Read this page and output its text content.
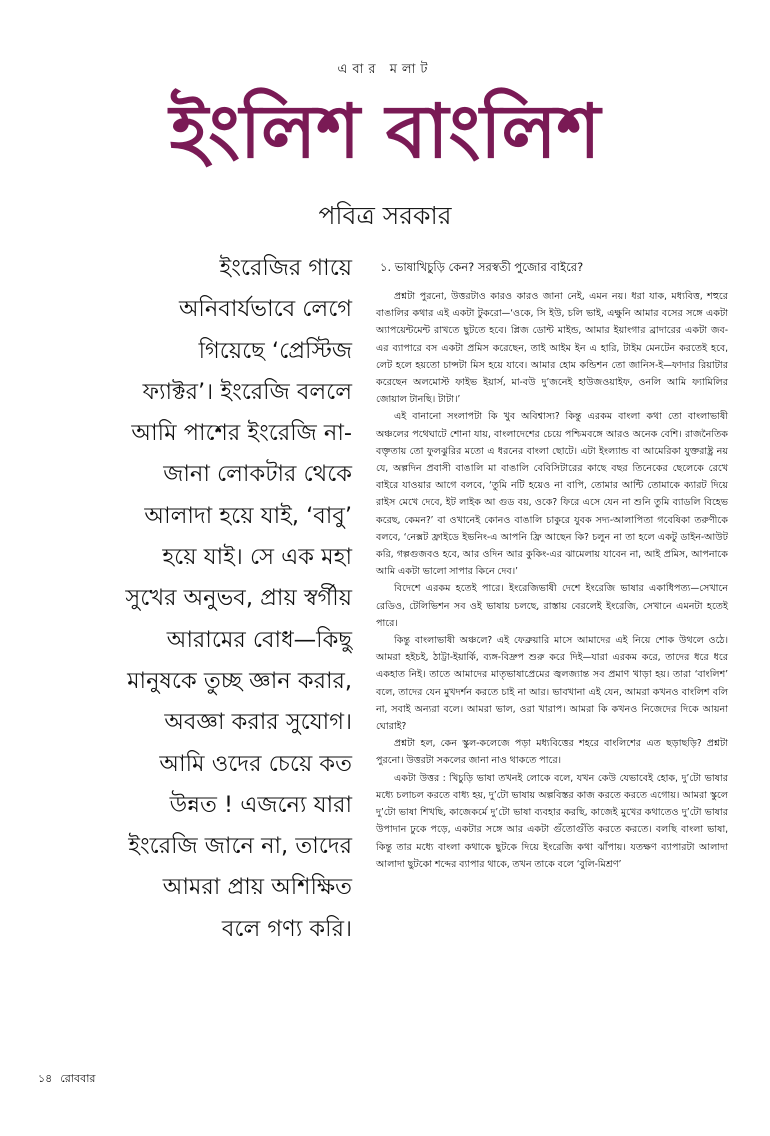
এবার মলাট
ইংলিশ বাংলিশ
পবিত্র সরকার
ইংরেজির গায়ে
অনিবার্যভাবে লেগে
গিয়েছে ‘প্রেস্টিজ
ফ্যাক্টর’। ইংরেজি বললে
আমি পাশের ইংরেজি না-
জানা লোকটার থেকে
আলাদা হয়ে যাই, ‘বাবু’
হয়ে যাই। সে এক মহা
সুখের অনুভব, প্রায় স্বর্গীয়
আরামের বোধ—কিছু
মানুষকে তুচ্ছ জ্ঞান করার,
অবজ্ঞা করার সুযোগ।
আমি ওদের চেয়ে কত
উন্নত ! এজন্যে যারা
ইংরেজি জানে না, তাদের
আমরা প্রায় অশিক্ষিত
বলে গণ্য করি।
১. ভাষাখিচুড়ি কেন? সরস্বতী পুজোর বাইরে?

প্রশ্নটা পুরনো, উত্তরটাও কারও কারও জানা নেই, এমন নয়। ধরা যাক, মধ্যবিত্ত, শহুরে বাঙালির কথার এই একটা টুকরো—‘ওকে, সি ইউ, চলি ভাই, এক্ষুনি আমার বসের সঙ্গে একটা অ্যাপয়েন্টমেন্ট রাখতে ছুটতে হবে। প্লিজ ডোন্ট মাইন্ড, আমার ইয়াংগার ব্রাদারের একটা জব-এর ব্যাপারে বস একটা প্রমিস করেছেন, তাই আইম ইন এ হারি, টাইম মেনটেন করতেই হবে, লেট হলে হয়তো চান্সটা মিস হয়ে যাবে। আমার হোম কন্ডিশন তো জানিস-ই—ফাদার রিয়াটার করেছেন অলমোস্ট ফাইভ ইয়ার্স, মা-বউ দু’জনেই হাউজওয়াইফ, ওনলি আমি ফ্যামিলির জোয়াল টানছি। টাটা।’

এই বানানো সংলাপটা কি খুব অবিশ্বাস্য? কিন্তু এরকম বাংলা কথা তো বাংলাভাষী অঞ্চলের পথেঘাটে শোনা যায়, বাংলাদেশের চেয়ে পশ্চিমবঙ্গে আরও অনেক বেশি। রাজনৈতিক বক্তৃতায় তো ফুলঝুরির মতো এ ধরনের বাংলা ছোটে। এটা ইংল্যান্ড বা আমেরিকা যুক্তরাষ্ট্র নয় যে, অল্পদিন প্রবাসী বাঙালি মা বাঙালি বেবিসিটারের কাছে বছর তিনেকের ছেলেকে রেখে বাইরে যাওয়ার আগে বলবে, ‘তুমি নটি হয়েও না বাপি, তোমার আন্টি তোমাকে ক্যারট দিয়ে রাইস মেখে দেবে, ইট লাইক আ গুড বয়, ওকে? ফিরে এসে যেন না শুনি তুমি ব্যাডলি বিহেভ করেছ, কেমন?’ বা ওখানেই কোনও বাঙালি চাকুরে যুবক সদ্য-আলাপিতা গবেষিকা তরুণীকে বলবে, ‘নেক্সট ফ্রাইডে ইভনিং-এ আপনি ফ্রি আছেন কি? চলুন না তা হলে একটু ডাইন-আউট করি, গল্পগুজবও হবে, আর ওদিন আর কুকিং-এর ঝামেলায় যাবেন না, আই প্রমিস, আপনাকে আমি একটা ভালো সাপার কিনে দেব।’

বিদেশে এরকম হতেই পারে। ইংরেজিভাষী দেশে ইংরেজি ভাষার একাধিপত্য—সেখানে রেডিও, টেলিভিশন সব ওই ভাষায় চলছে, রাস্তায় বেরলেই ইংরেজি, সেখানে এমনটা হতেই পারে।

কিন্তু বাংলাভাষী অঞ্চলে? এই ফেব্রুয়ারি মাসে আমাদের এই নিয়ে শোক উথলে ওঠে। আমরা হইচই, ঠাট্টা-ইয়ার্কি, ব্যঙ্গ-বিদ্রুপ শুরু করে দিই—যারা এরকম করে, তাদের ধরে ধরে একহাত নিই। তাতে আমাদের মাতৃভাষাপ্রেমের জ্বলজ্যান্ত সব প্রমাণ খাড়া হয়। তারা ‘বাংলিশ’ বলে, তাদের যেন মুখদর্শন করতে চাই না আর। ভাবখানা এই যেন, আমরা কখনও বাংলিশ বলি না, সবাই অন্যরা বলে। আমরা ভাল, ওরা খারাপ। আমরা কি কখনও নিজেদের দিকে আয়না ঘোরাই?

প্রশ্নটা হল, কেন স্কুল-কলেজে পড়া মধ্যবিত্তের শহরে বাংলিশের এত ছড়াছড়ি? প্রশ্নটা পুরনো। উত্তরটা সকলের জানা নাও থাকতে পারে।

একটা উত্তর : খিচুড়ি ভাষা তখনই লোকে বলে, যখন কেউ যেভাবেই হোক, দু’টো ভাষার মধ্যে চলাচল করতে বাধ্য হয়, দু’টো ভাষায় অল্পবিস্তর কাজ করতে করতে এগোয়। আমরা স্কুলে দু’টো ভাষা শিখছি, কাজেকর্মে দু’টো ভাষা ব্যবহার করছি, কাজেই মুখের কথাতেও দু’টো ভাষার উপাদান ঢুকে পড়ে, একটার সঙ্গে আর একটা গুঁতোগুঁতি করতে করতে। বলছি বাংলা ভাষা, কিন্তু তার মধ্যে বাংলা কথাকে ছুটকে দিয়ে ইংরেজি কথা ঝাঁপায়। যতক্ষণ ব্যাপারটা আলাদা আলাদা ছুটকো শব্দের ব্যাপার থাকে, তখন তাকে বলে ‘বুলি-মিশ্রণ’

১৪ রোববার
